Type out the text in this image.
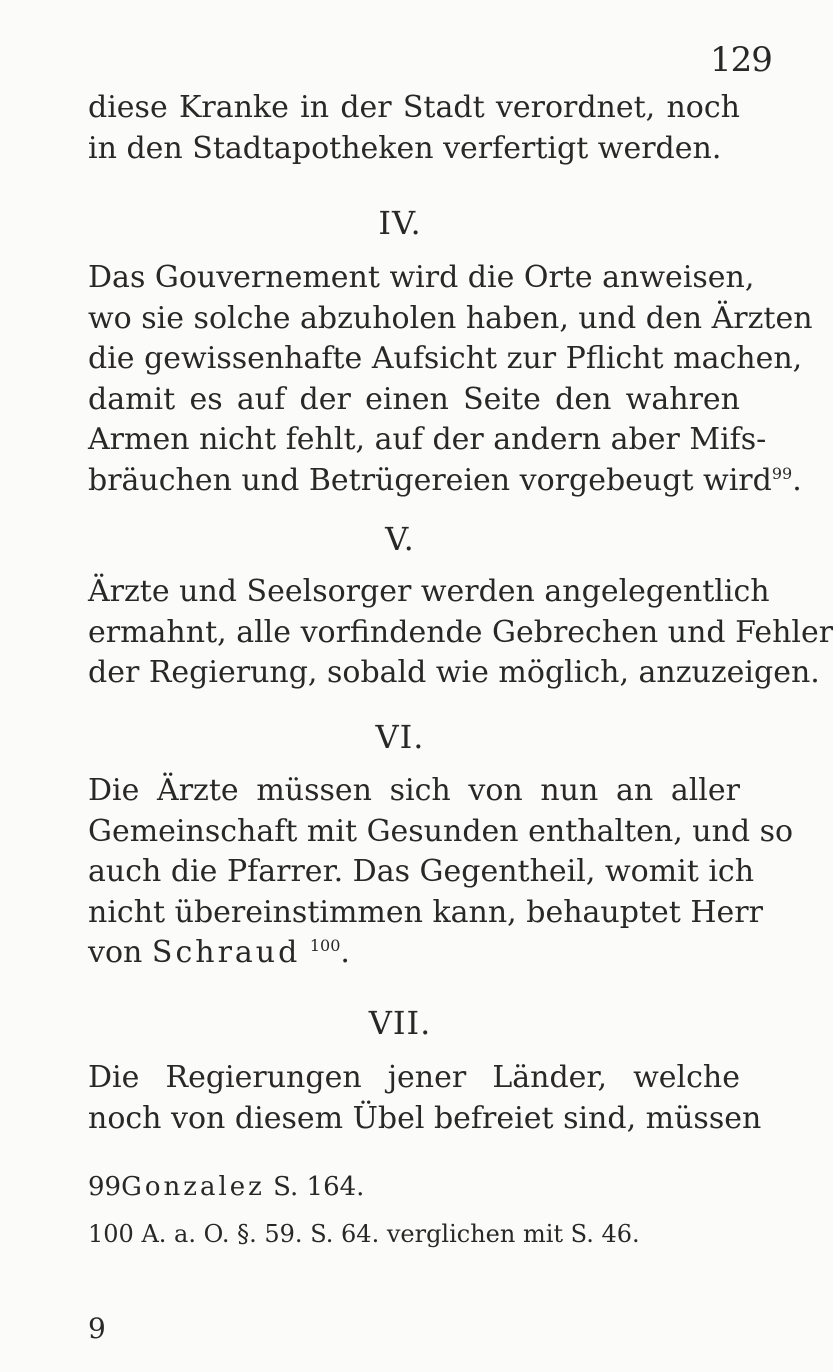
129

diese Kranke in der Stadt verordnet, noch
in den Stadtapotheken verfertigt werden.

IV.

Das Gouvernement wird die Orte anweisen,
wo sie solche abzuholen haben, und den Ärzten
die gewissenhafte Aufsicht zur Pflicht machen,
damit es auf der einen Seite den wahren
Armen nicht fehlt, auf der andern aber Mifs-
bräuchen und Betrügereien vorgebeugt wird$^{99}$.

V.

Ärzte und Seelsorger werden angelegentlich
ermahnt, alle vorfindende Gebrechen und Fehler
der Regierung, sobald wie möglich, anzuzeigen.

VI.

Die Ärzte müssen sich von nun an aller
Gemeinschaft mit Gesunden enthalten, und so
auch die Pfarrer. Das Gegentheil, womit ich
nicht übereinstimmen kann, behauptet Herr
von Schraud $^{100}$.

VII.

Die Regierungen jener Länder, welche
noch von diesem Übel befreiet sind, müssen

99Gonzalez S. 164.
100 A. a. O. §. 59. S. 64. verglichen mit S. 46.
9
